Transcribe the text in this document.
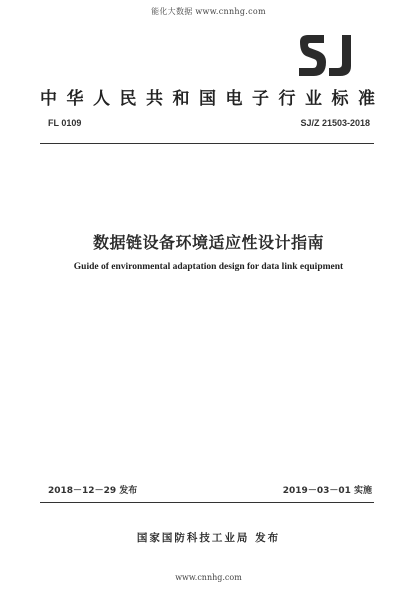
能化大数据 www.cnnhg.com
中华人民共和国电子行业标准
FL 0109	SJ/Z 21503-2018
数据链设备环境适应性设计指南
Guide of environmental adaptation design for data link equipment
2018－12－29 发布	2019－03－01 实施
国家国防科技工业局 发布
www.cnnhg.com
